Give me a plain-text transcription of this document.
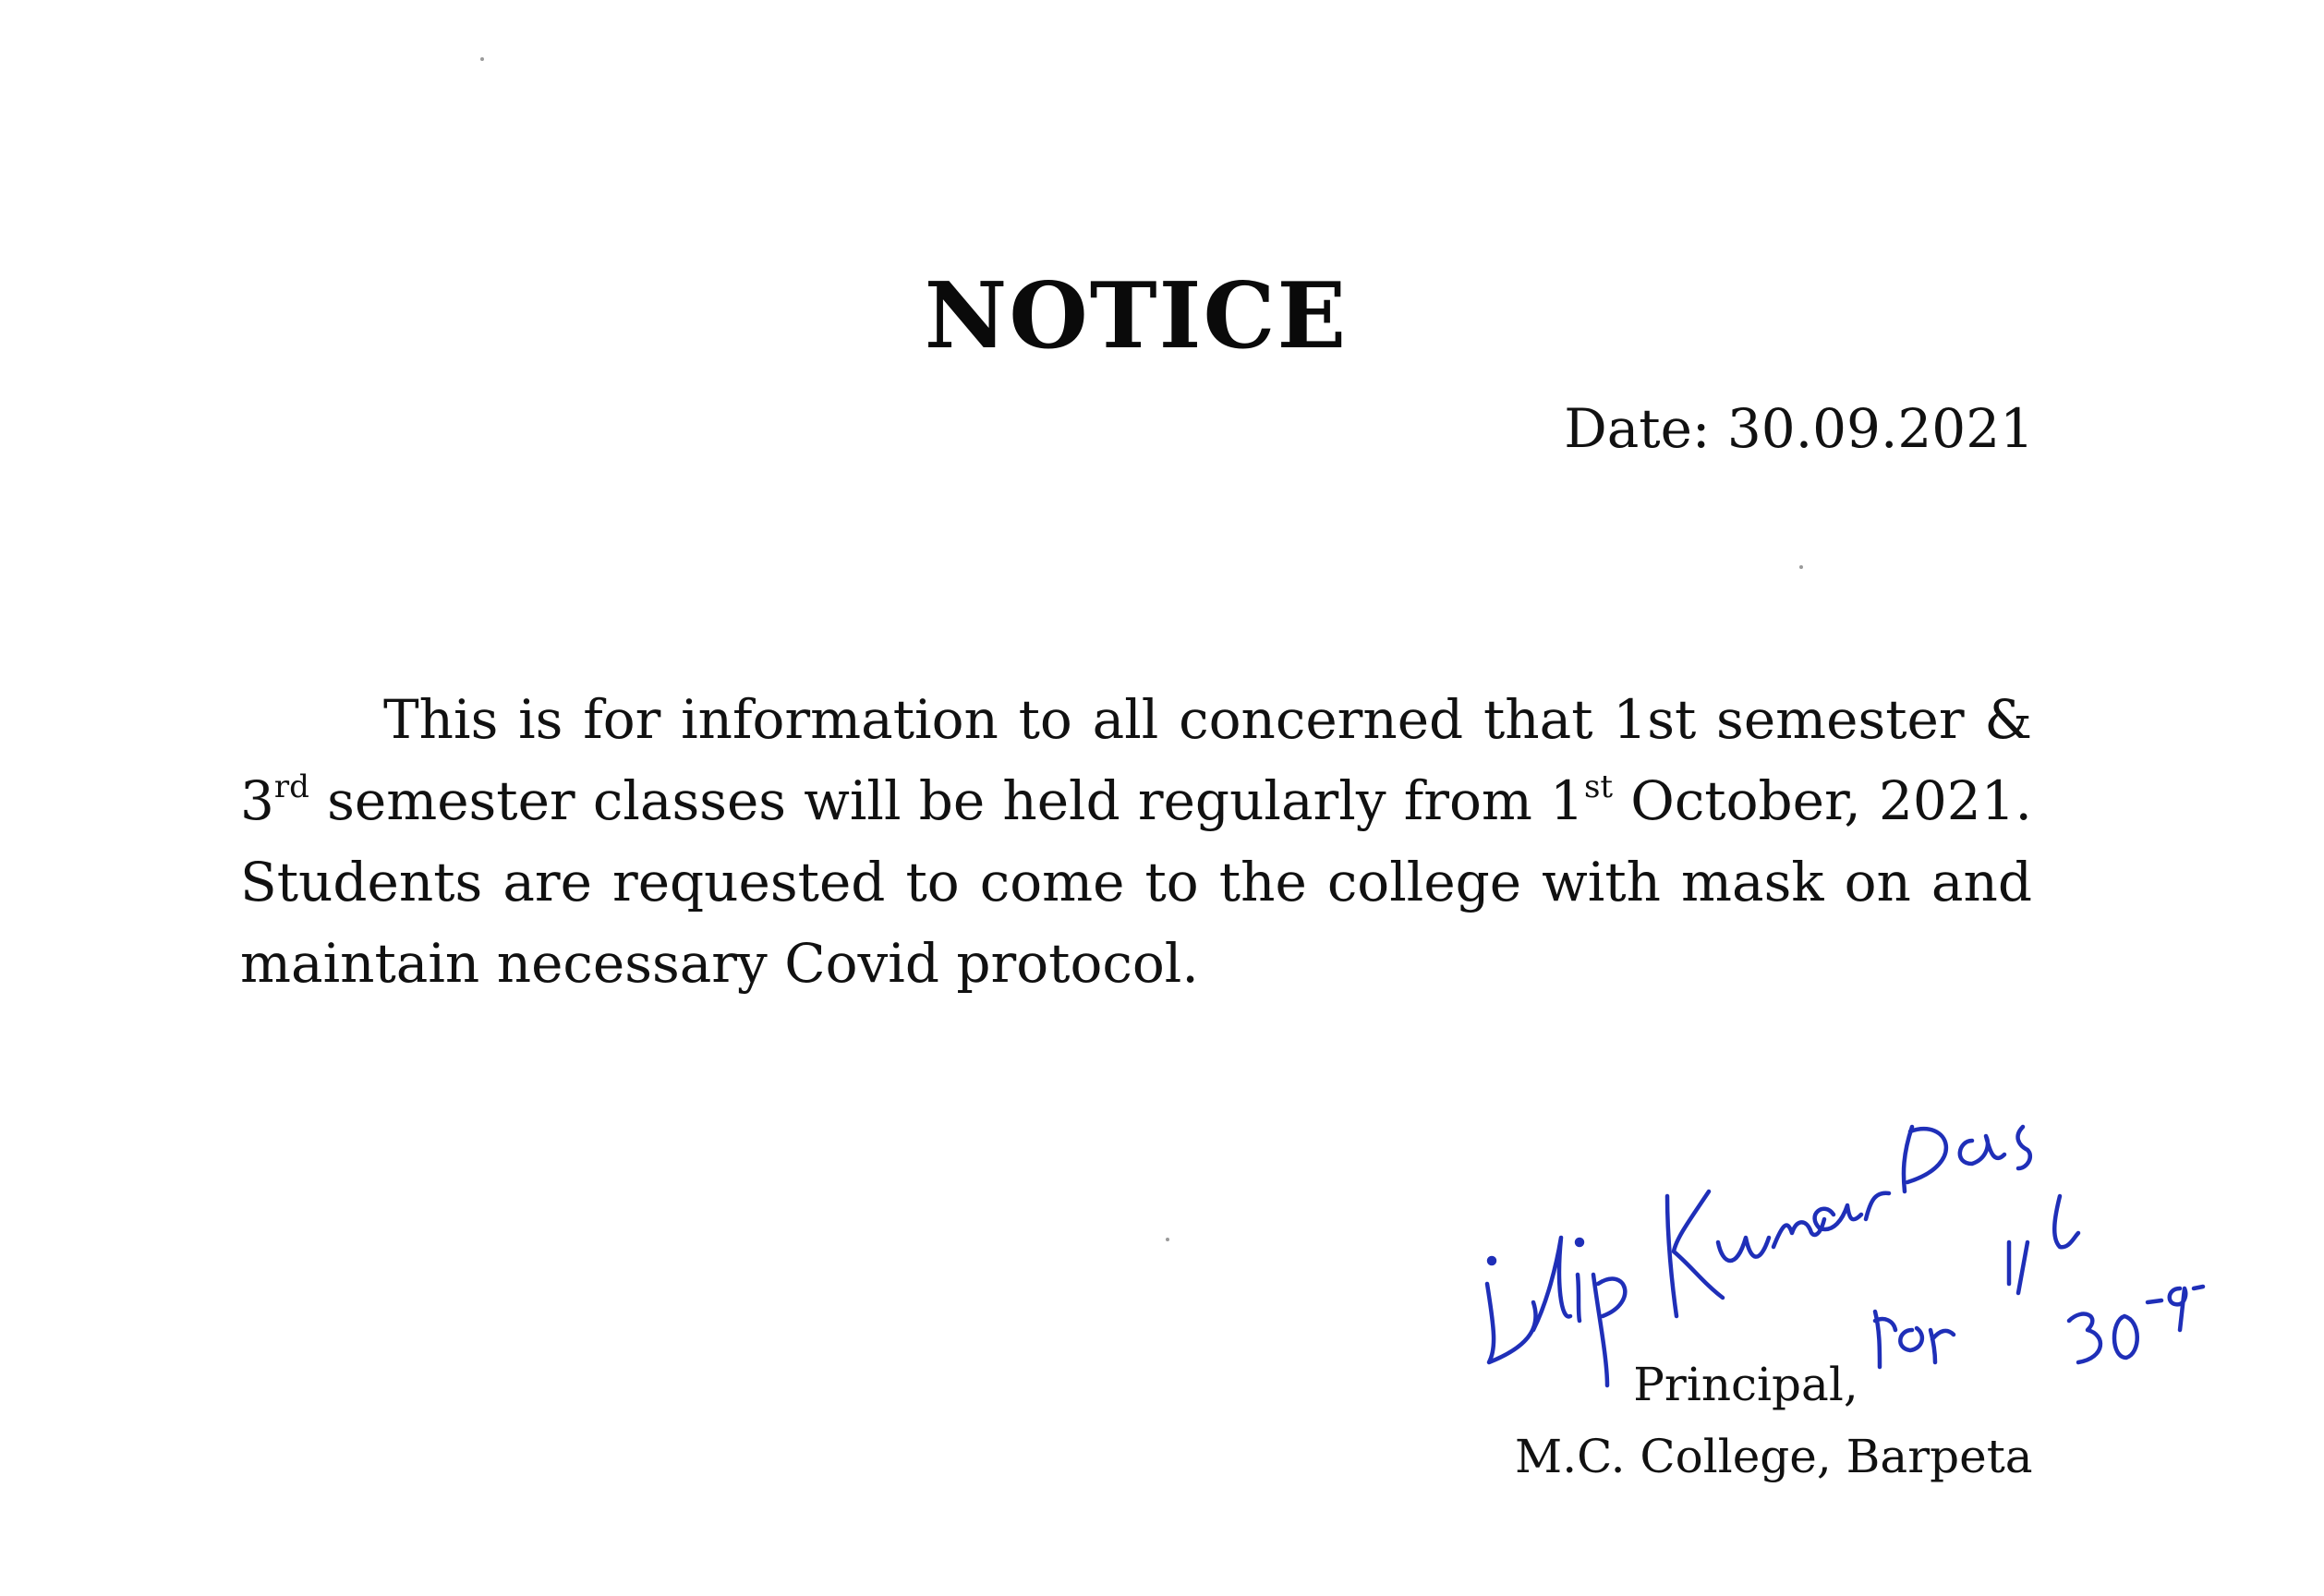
NOTICE
Date: 30.09.2021

This is for information to all concerned that 1st semester & 3rd semester classes will be held regularly from 1st October, 2021. Students are requested to come to the college with mask on and maintain necessary Covid protocol.

Principal,
M.C. College, Barpeta
